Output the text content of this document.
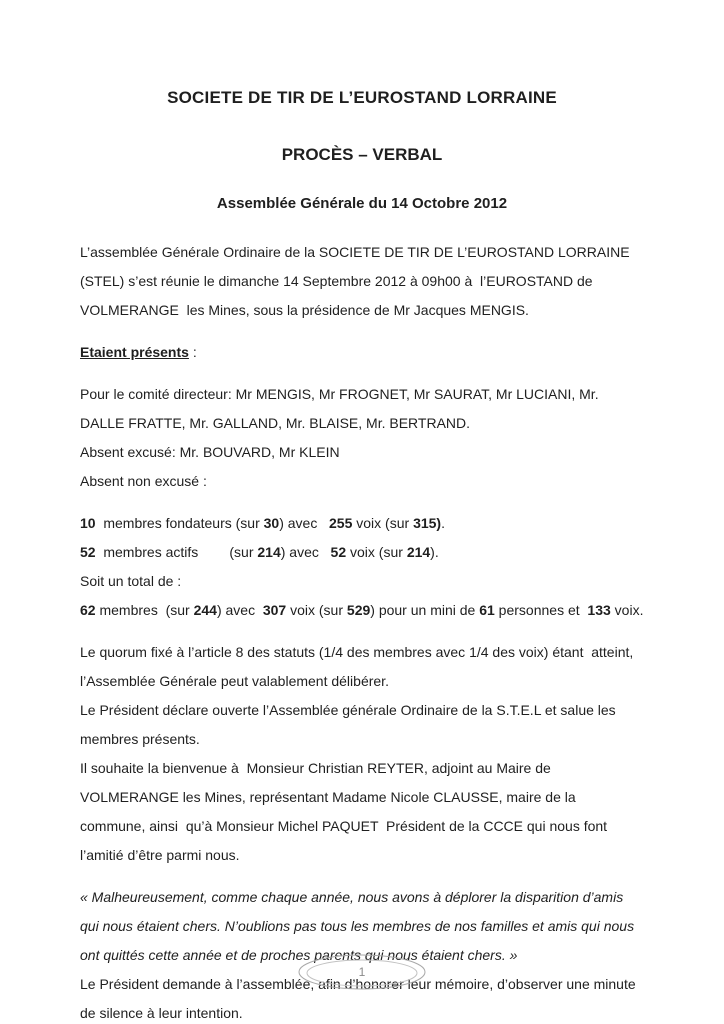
SOCIETE DE TIR DE L’EUROSTAND LORRAINE
PROCÈS – VERBAL
Assemblée Générale du 14 Octobre 2012

L’assemblée Générale Ordinaire de la SOCIETE DE TIR DE L’EUROSTAND LORRAINE (STEL) s’est réunie le dimanche 14 Septembre 2012 à 09h00 à  l’EUROSTAND de VOLMERANGE  les Mines, sous la présidence de Mr Jacques MENGIS.

Etaient présents :

Pour le comité directeur: Mr MENGIS, Mr FROGNET, Mr SAURAT, Mr LUCIANI, Mr. DALLE FRATTE, Mr. GALLAND, Mr. BLAISE, Mr. BERTRAND.
Absent excusé: Mr. BOUVARD, Mr KLEIN
Absent non excusé :

10  membres fondateurs (sur 30) avec   255 voix (sur 315).
52  membres actifs        (sur 214) avec   52 voix (sur 214).
Soit un total de :
62 membres  (sur 244) avec  307 voix (sur 529) pour un mini de 61 personnes et  133 voix.

Le quorum fixé à l’article 8 des statuts (1/4 des membres avec 1/4 des voix) étant  atteint, l’Assemblée Générale peut valablement délibérer.
Le Président déclare ouverte l’Assemblée générale Ordinaire de la S.T.E.L et salue les membres présents.
Il souhaite la bienvenue à  Monsieur Christian REYTER, adjoint au Maire de VOLMERANGE les Mines, représentant Madame Nicole CLAUSSE, maire de la commune, ainsi  qu’à Monsieur Michel PAQUET  Président de la CCCE qui nous font l’amitié d’être parmi nous.

« Malheureusement, comme chaque année, nous avons à déplorer la disparition d’amis qui nous étaient chers. N’oublions pas tous les membres de nos familles et amis qui nous ont quittés cette année et de proches parents qui nous étaient chers. »
Le Président demande à l’assemblée, afin d’honorer leur mémoire, d’observer une minute de silence à leur intention.

1
